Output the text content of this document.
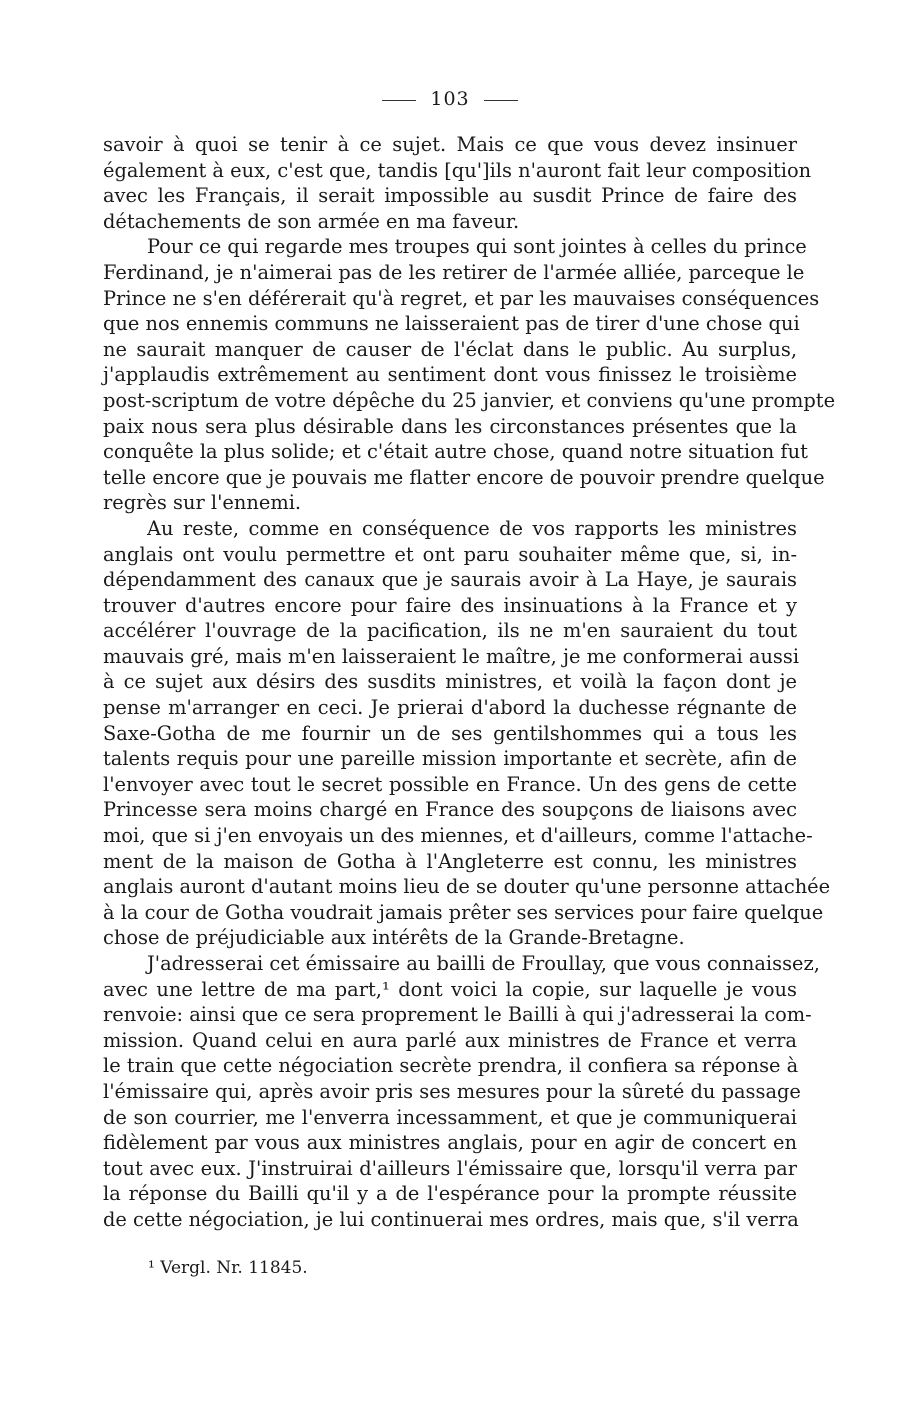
103
savoir à quoi se tenir à ce sujet. Mais ce que vous devez insinuer
également à eux, c'est que, tandis [qu']ils n'auront fait leur composition
avec les Français, il serait impossible au susdit Prince de faire des
détachements de son armée en ma faveur.
Pour ce qui regarde mes troupes qui sont jointes à celles du prince
Ferdinand, je n'aimerai pas de les retirer de l'armée alliée, parceque le
Prince ne s'en déférerait qu'à regret, et par les mauvaises conséquences
que nos ennemis communs ne laisseraient pas de tirer d'une chose qui
ne saurait manquer de causer de l'éclat dans le public. Au surplus,
j'applaudis extrêmement au sentiment dont vous finissez le troisième
post-scriptum de votre dépêche du 25 janvier, et conviens qu'une prompte
paix nous sera plus désirable dans les circonstances présentes que la
conquête la plus solide; et c'était autre chose, quand notre situation fut
telle encore que je pouvais me flatter encore de pouvoir prendre quelque
regrès sur l'ennemi.
Au reste, comme en conséquence de vos rapports les ministres
anglais ont voulu permettre et ont paru souhaiter même que, si, in-
dépendamment des canaux que je saurais avoir à La Haye, je saurais
trouver d'autres encore pour faire des insinuations à la France et y
accélérer l'ouvrage de la pacification, ils ne m'en sauraient du tout
mauvais gré, mais m'en laisseraient le maître, je me conformerai aussi
à ce sujet aux désirs des susdits ministres, et voilà la façon dont je
pense m'arranger en ceci. Je prierai d'abord la duchesse régnante de
Saxe-Gotha de me fournir un de ses gentilshommes qui a tous les
talents requis pour une pareille mission importante et secrète, afin de
l'envoyer avec tout le secret possible en France. Un des gens de cette
Princesse sera moins chargé en France des soupçons de liaisons avec
moi, que si j'en envoyais un des miennes, et d'ailleurs, comme l'attache-
ment de la maison de Gotha à l'Angleterre est connu, les ministres
anglais auront d'autant moins lieu de se douter qu'une personne attachée
à la cour de Gotha voudrait jamais prêter ses services pour faire quelque
chose de préjudiciable aux intérêts de la Grande-Bretagne.
J'adresserai cet émissaire au bailli de Froullay, que vous connaissez,
avec une lettre de ma part,¹ dont voici la copie, sur laquelle je vous
renvoie: ainsi que ce sera proprement le Bailli à qui j'adresserai la com-
mission. Quand celui en aura parlé aux ministres de France et verra
le train que cette négociation secrète prendra, il confiera sa réponse à
l'émissaire qui, après avoir pris ses mesures pour la sûreté du passage
de son courrier, me l'enverra incessamment, et que je communiquerai
fidèlement par vous aux ministres anglais, pour en agir de concert en
tout avec eux. J'instruirai d'ailleurs l'émissaire que, lorsqu'il verra par
la réponse du Bailli qu'il y a de l'espérance pour la prompte réussite
de cette négociation, je lui continuerai mes ordres, mais que, s'il verra
¹ Vergl. Nr. 11845.
